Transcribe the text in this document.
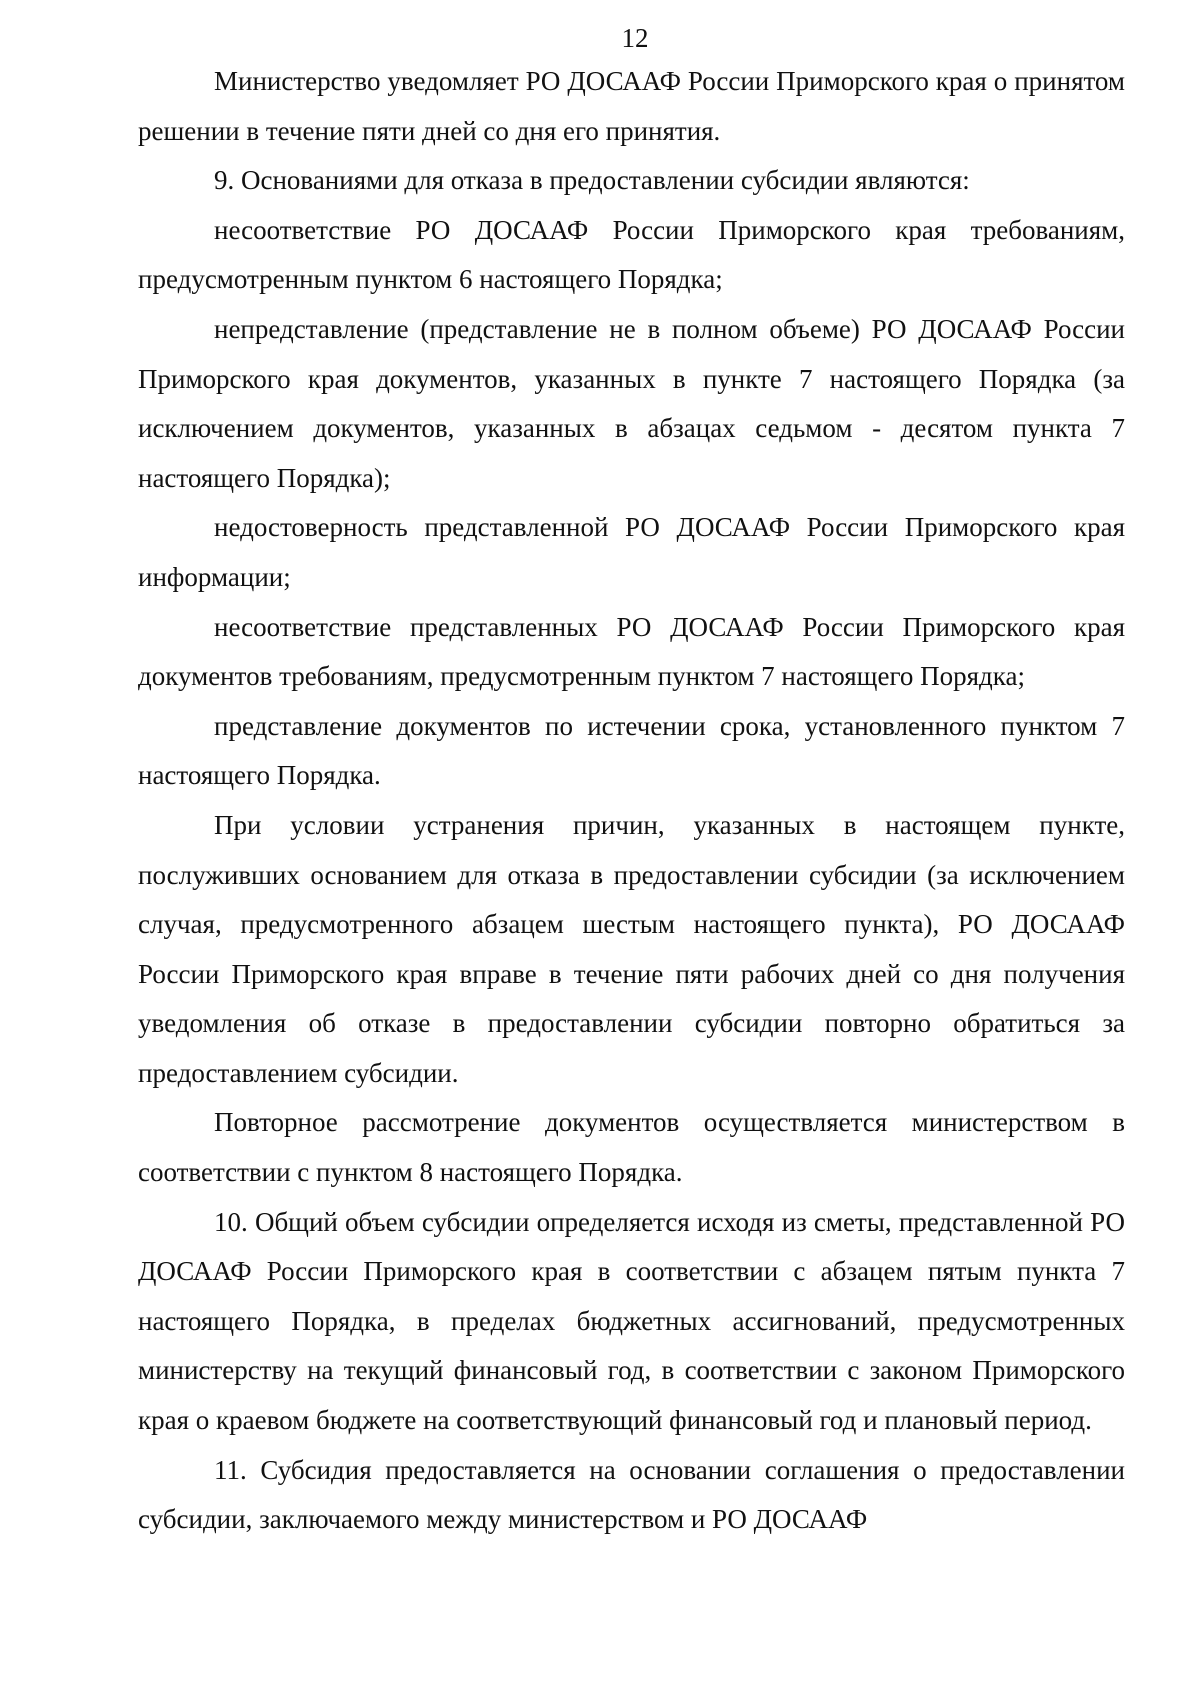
12

Министерство уведомляет РО ДОСААФ России Приморского края о принятом решении в течение пяти дней со дня его принятия.

9. Основаниями для отказа в предоставлении субсидии являются:

несоответствие РО ДОСААФ России Приморского края требованиям, предусмотренным пунктом 6 настоящего Порядка;

непредставление (представление не в полном объеме) РО ДОСААФ России Приморского края документов, указанных в пункте 7 настоящего Порядка (за исключением документов, указанных в абзацах седьмом - десятом пункта 7 настоящего Порядка);

недостоверность представленной РО ДОСААФ России Приморского края информации;

несоответствие представленных РО ДОСААФ России Приморского края документов требованиям, предусмотренным пунктом 7 настоящего Порядка;

представление документов по истечении срока, установленного пунктом 7 настоящего Порядка.

При условии устранения причин, указанных в настоящем пункте, послуживших основанием для отказа в предоставлении субсидии (за исключением случая, предусмотренного абзацем шестым настоящего пункта), РО ДОСААФ России Приморского края вправе в течение пяти рабочих дней со дня получения уведомления об отказе в предоставлении субсидии повторно обратиться за предоставлением субсидии.

Повторное рассмотрение документов осуществляется министерством в соответствии с пунктом 8 настоящего Порядка.

10. Общий объем субсидии определяется исходя из сметы, представленной РО ДОСААФ России Приморского края в соответствии с абзацем пятым пункта 7 настоящего Порядка, в пределах бюджетных ассигнований, предусмотренных министерству на текущий финансовый год, в соответствии с законом Приморского края о краевом бюджете на соответствующий финансовый год и плановый период.

11. Субсидия предоставляется на основании соглашения о предоставлении субсидии, заключаемого между министерством и РО ДОСААФ
